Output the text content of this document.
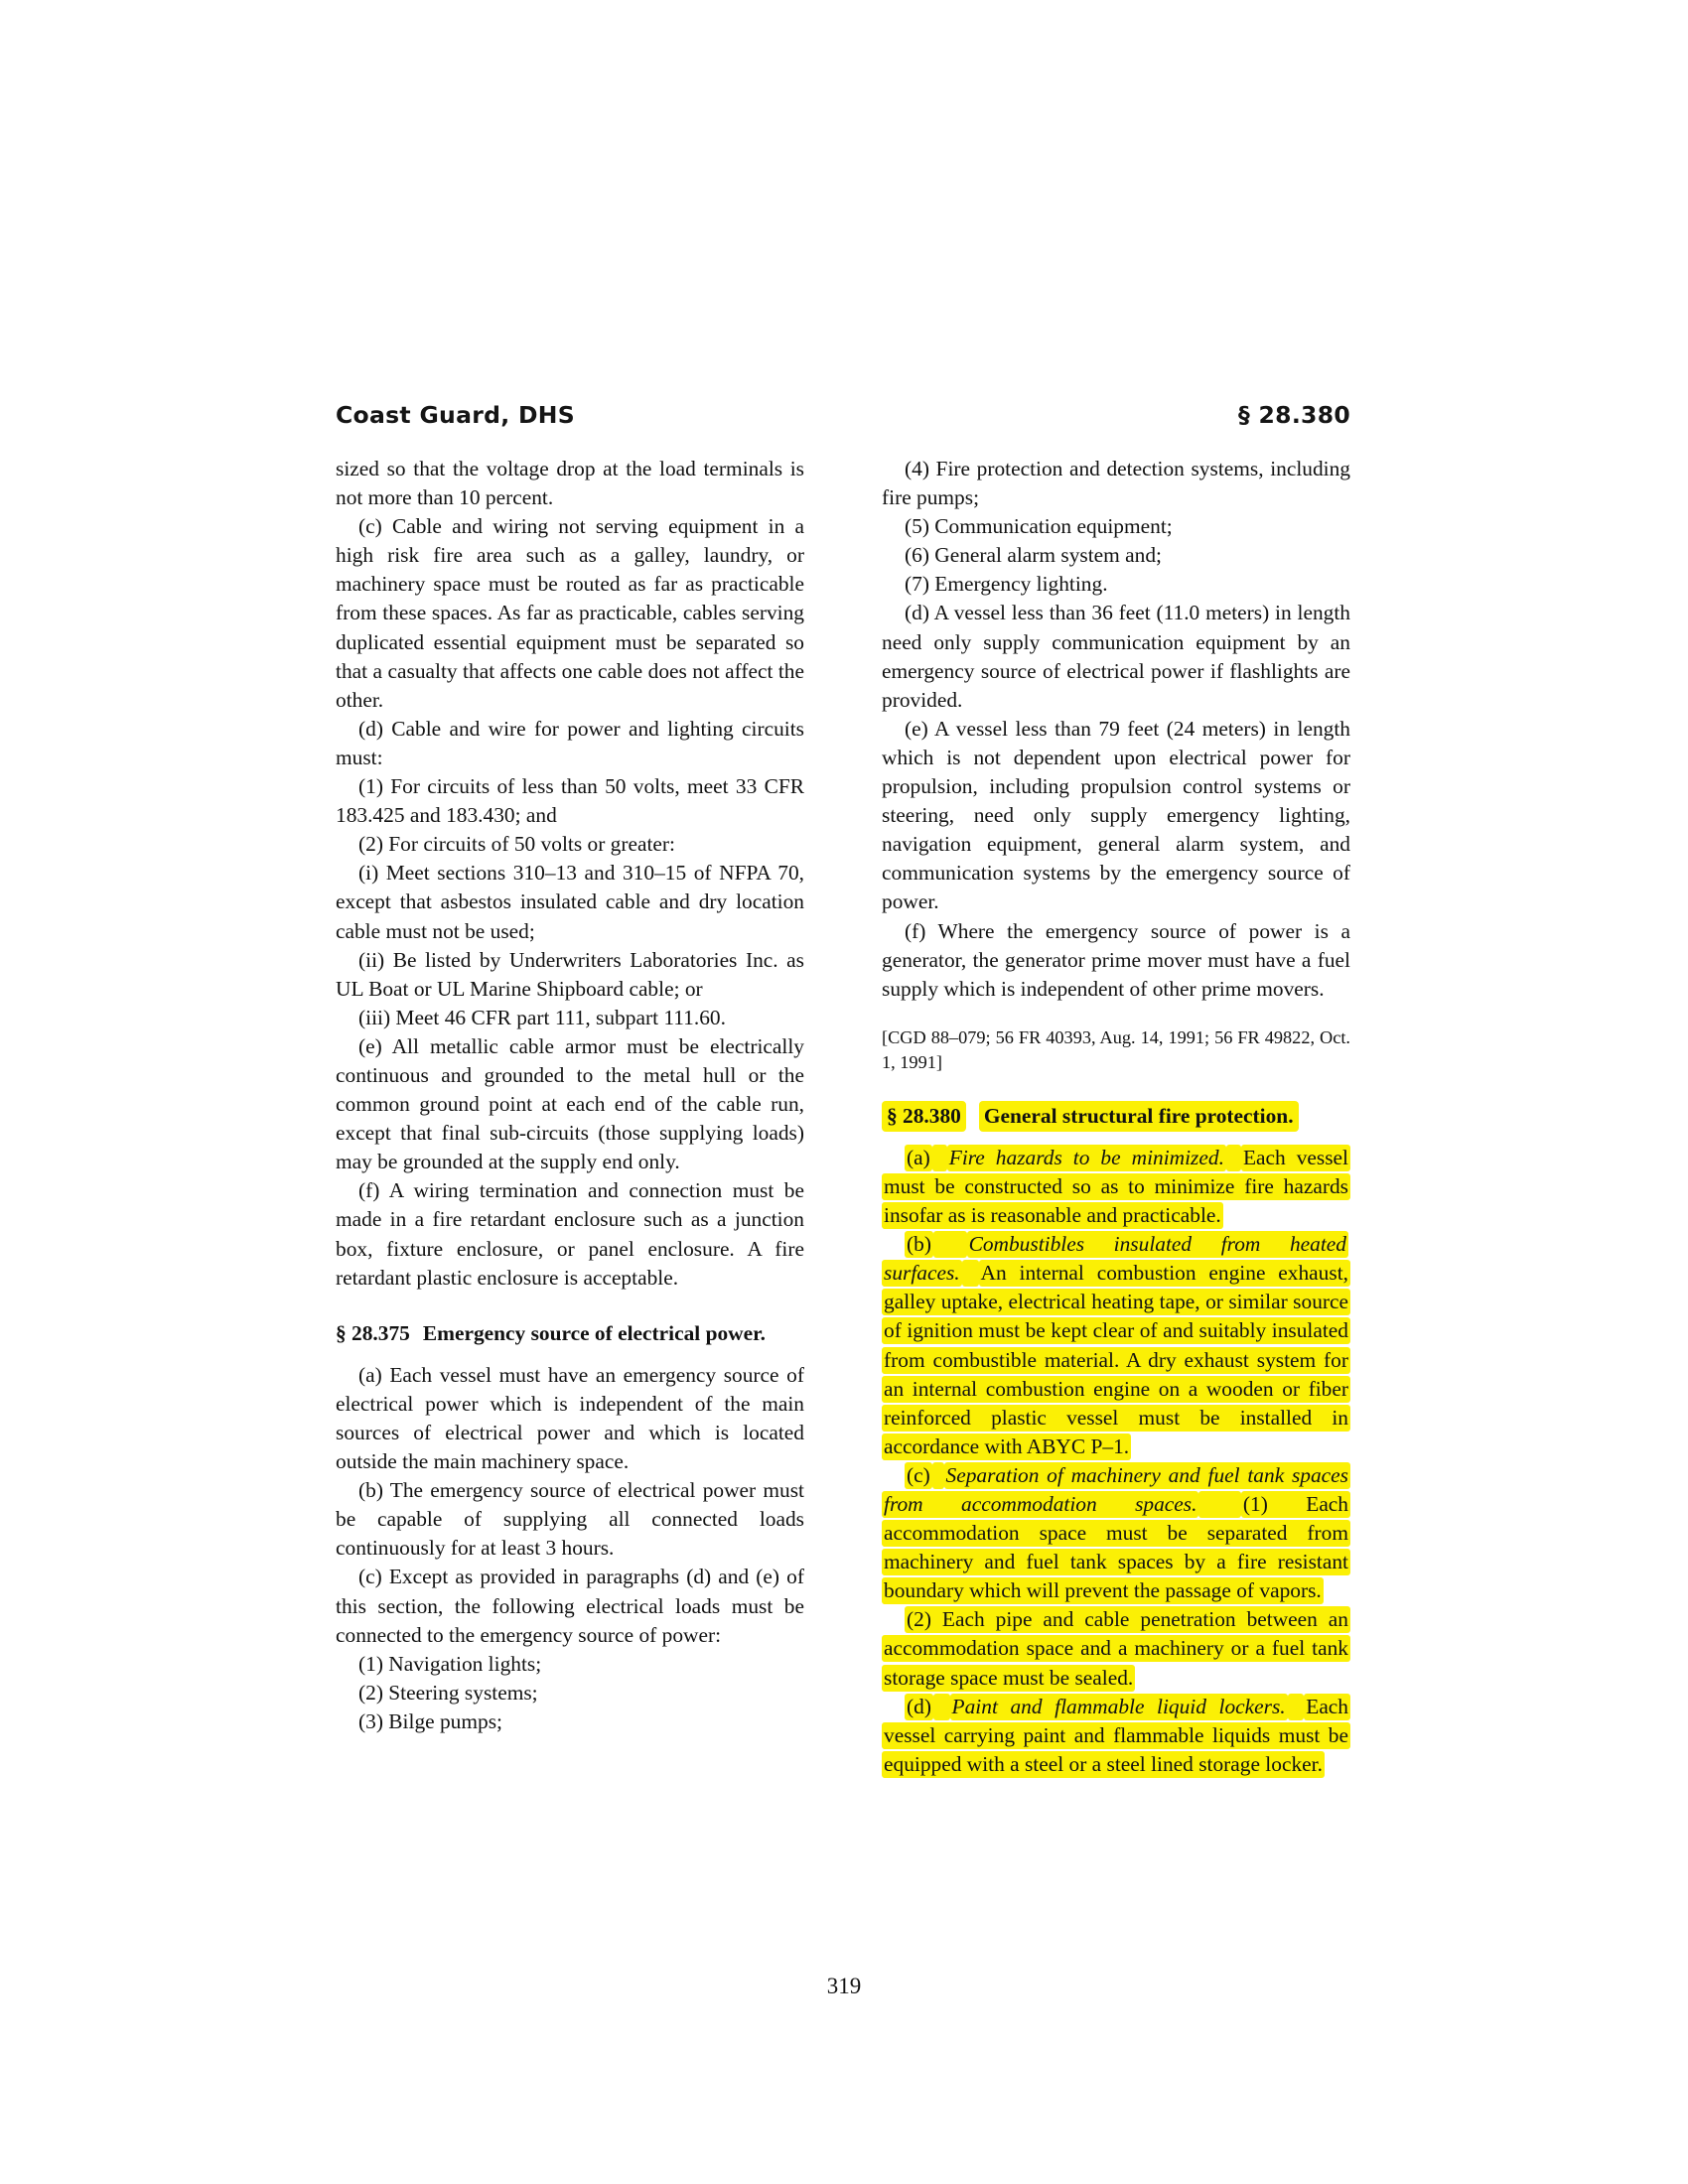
Coast Guard, DHS	§ 28.380

sized so that the voltage drop at the load terminals is not more than 10 percent.

(c) Cable and wiring not serving equipment in a high risk fire area such as a galley, laundry, or machinery space must be routed as far as practicable from these spaces. As far as practicable, cables serving duplicated essential equipment must be separated so that a casualty that affects one cable does not affect the other.

(d) Cable and wire for power and lighting circuits must:

(1) For circuits of less than 50 volts, meet 33 CFR 183.425 and 183.430; and

(2) For circuits of 50 volts or greater:

(i) Meet sections 310–13 and 310–15 of NFPA 70, except that asbestos insulated cable and dry location cable must not be used;

(ii) Be listed by Underwriters Laboratories Inc. as UL Boat or UL Marine Shipboard cable; or

(iii) Meet 46 CFR part 111, subpart 111.60.

(e) All metallic cable armor must be electrically continuous and grounded to the metal hull or the common ground point at each end of the cable run, except that final sub-circuits (those supplying loads) may be grounded at the supply end only.

(f) A wiring termination and connection must be made in a fire retardant enclosure such as a junction box, fixture enclosure, or panel enclosure. A fire retardant plastic enclosure is acceptable.

§ 28.375 Emergency source of electrical power.

(a) Each vessel must have an emergency source of electrical power which is independent of the main sources of electrical power and which is located outside the main machinery space.

(b) The emergency source of electrical power must be capable of supplying all connected loads continuously for at least 3 hours.

(c) Except as provided in paragraphs (d) and (e) of this section, the following electrical loads must be connected to the emergency source of power:

(1) Navigation lights;

(2) Steering systems;

(3) Bilge pumps;

(4) Fire protection and detection systems, including fire pumps;

(5) Communication equipment;

(6) General alarm system and;

(7) Emergency lighting.

(d) A vessel less than 36 feet (11.0 meters) in length need only supply communication equipment by an emergency source of electrical power if flashlights are provided.

(e) A vessel less than 79 feet (24 meters) in length which is not dependent upon electrical power for propulsion, including propulsion control systems or steering, need only supply emergency lighting, navigation equipment, general alarm system, and communication systems by the emergency source of power.

(f) Where the emergency source of power is a generator, the generator prime mover must have a fuel supply which is independent of other prime movers.

[CGD 88–079; 56 FR 40393, Aug. 14, 1991; 56 FR 49822, Oct. 1, 1991]

§ 28.380 General structural fire protection.

(a) Fire hazards to be minimized. Each vessel must be constructed so as to minimize fire hazards insofar as is reasonable and practicable.

(b) Combustibles insulated from heated surfaces. An internal combustion engine exhaust, galley uptake, electrical heating tape, or similar source of ignition must be kept clear of and suitably insulated from combustible material. A dry exhaust system for an internal combustion engine on a wooden or fiber reinforced plastic vessel must be installed in accordance with ABYC P–1.

(c) Separation of machinery and fuel tank spaces from accommodation spaces. (1) Each accommodation space must be separated from machinery and fuel tank spaces by a fire resistant boundary which will prevent the passage of vapors.

(2) Each pipe and cable penetration between an accommodation space and a machinery or a fuel tank storage space must be sealed.

(d) Paint and flammable liquid lockers. Each vessel carrying paint and flammable liquids must be equipped with a steel or a steel lined storage locker.

319
